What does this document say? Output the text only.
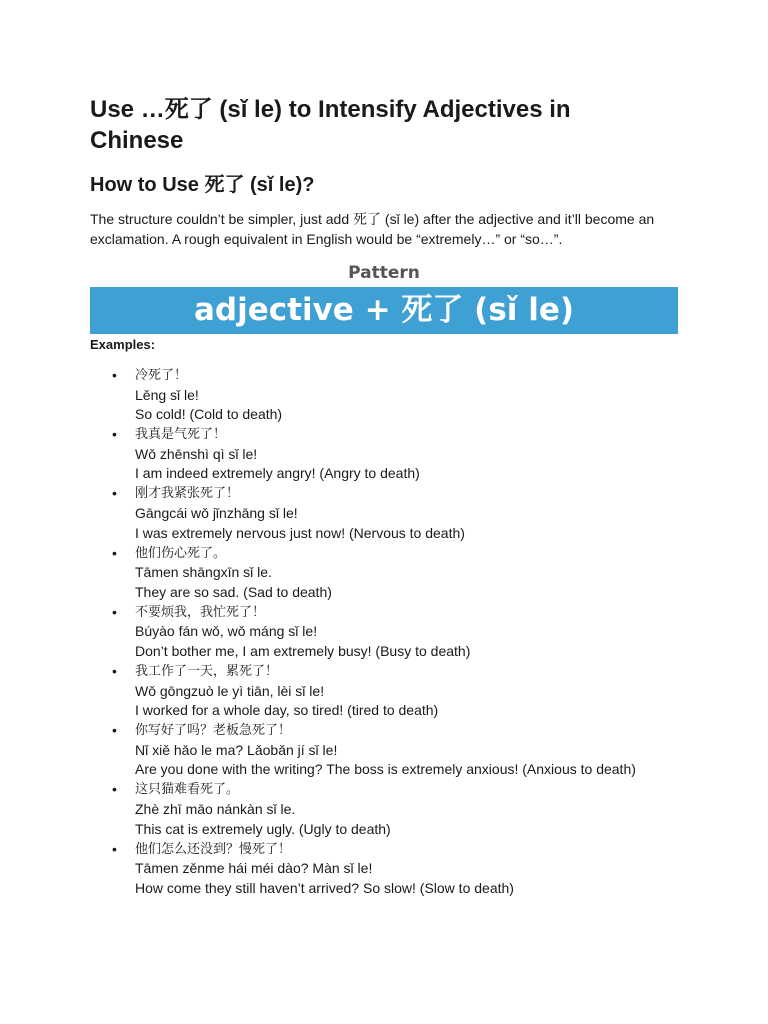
Use …死了 (sǐ le) to Intensify Adjectives in Chinese
How to Use 死了 (sǐ le)?

The structure couldn’t be simpler, just add 死了 (sǐ le) after the adjective and it’ll become an exclamation. A rough equivalent in English would be “extremely…” or “so…”.

Pattern
adjective + 死了 (sǐ le)
Examples:
• 冷死了！
Lěng sǐ le!
So cold! (Cold to death)
• 我真是气死了！
Wǒ zhēnshì qì sǐ le!
I am indeed extremely angry! (Angry to death)
• 刚才我紧张死了！
Gāngcái wǒ jǐnzhāng sǐ le!
I was extremely nervous just now! (Nervous to death)
• 他们伤心死了。
Tāmen shāngxīn sǐ le.
They are so sad. (Sad to death)
• 不要烦我，我忙死了！
Búyào fán wǒ, wǒ máng sǐ le!
Don’t bother me, I am extremely busy! (Busy to death)
• 我工作了一天，累死了！
Wǒ gōngzuò le yì tiān, lèi sǐ le!
I worked for a whole day, so tired! (tired to death)
• 你写好了吗？老板急死了！
Nǐ xiě hǎo le ma? Lǎobǎn jí sǐ le!
Are you done with the writing? The boss is extremely anxious! (Anxious to death)
• 这只猫难看死了。
Zhè zhī māo nánkàn sǐ le.
This cat is extremely ugly. (Ugly to death)
• 他们怎么还没到？慢死了！
Tāmen zěnme hái méi dào? Màn sǐ le!
How come they still haven’t arrived? So slow! (Slow to death)
